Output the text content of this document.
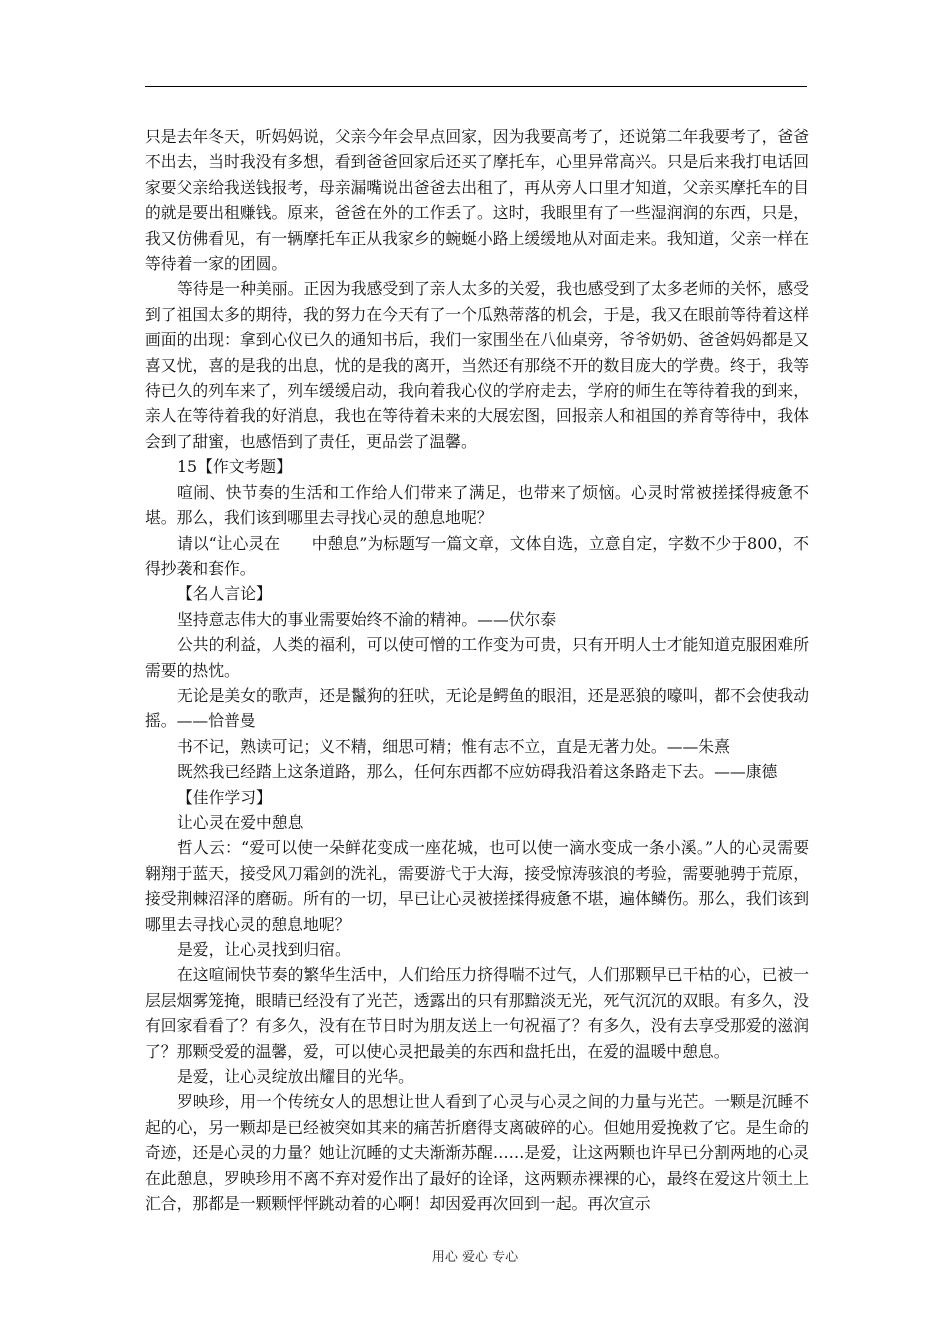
只是去年冬天，听妈妈说，父亲今年会早点回家，因为我要高考了，还说第二年我要考了，爸爸不出去，当时我没有多想，看到爸爸回家后还买了摩托车，心里异常高兴。只是后来我打电话回家要父亲给我送钱报考，母亲漏嘴说出爸爸去出租了，再从旁人口里才知道，父亲买摩托车的目的就是要出租赚钱。原来，爸爸在外的工作丢了。这时，我眼里有了一些湿润润的东西，只是，我又仿佛看见，有一辆摩托车正从我家乡的蜿蜒小路上缓缓地从对面走来。我知道，父亲一样在等待着一家的团圆。

等待是一种美丽。正因为我感受到了亲人太多的关爱，我也感受到了太多老师的关怀，感受到了祖国太多的期待，我的努力在今天有了一个瓜熟蒂落的机会，于是，我又在眼前等待着这样画面的出现：拿到心仪已久的通知书后，我们一家围坐在八仙桌旁，爷爷奶奶、爸爸妈妈都是又喜又忧，喜的是我的出息，忧的是我的离开，当然还有那绕不开的数目庞大的学费。终于，我等待已久的列车来了，列车缓缓启动，我向着我心仪的学府走去，学府的师生在等待着我的到来，亲人在等待着我的好消息，我也在等待着未来的大展宏图，回报亲人和祖国的养育等待中，我体会到了甜蜜，也感悟到了责任，更品尝了温馨。

15【作文考题】

喧闹、快节奏的生活和工作给人们带来了满足，也带来了烦恼。心灵时常被搓揉得疲惫不堪。那么，我们该到哪里去寻找心灵的憩息地呢？

请以“让心灵在　　中憩息”为标题写一篇文章，文体自选，立意自定，字数不少于800，不得抄袭和套作。

【名人言论】

坚持意志伟大的事业需要始终不渝的精神。——伏尔泰

公共的利益，人类的福利，可以使可憎的工作变为可贵，只有开明人士才能知道克服困难所需要的热忱。

无论是美女的歌声，还是鬣狗的狂吠，无论是鳄鱼的眼泪，还是恶狼的嚎叫，都不会使我动摇。——恰普曼

书不记，熟读可记；义不精，细思可精；惟有志不立，直是无著力处。——朱熹

既然我已经踏上这条道路，那么，任何东西都不应妨碍我沿着这条路走下去。——康德

【佳作学习】

让心灵在爱中憩息

哲人云：“爱可以使一朵鲜花变成一座花城，也可以使一滴水变成一条小溪。”人的心灵需要翱翔于蓝天，接受风刀霜剑的洗礼，需要游弋于大海，接受惊涛骇浪的考验，需要驰骋于荒原，接受荆棘沼泽的磨砺。所有的一切，早已让心灵被搓揉得疲惫不堪，遍体鳞伤。那么，我们该到哪里去寻找心灵的憩息地呢？

是爱，让心灵找到归宿。

在这喧闹快节奏的繁华生活中，人们给压力挤得喘不过气，人们那颗早已干枯的心，已被一层层烟雾笼掩，眼睛已经没有了光芒，透露出的只有那黯淡无光，死气沉沉的双眼。有多久，没有回家看看了？有多久，没有在节日时为朋友送上一句祝福了？有多久，没有去享受那爱的滋润了？那颗受爱的温馨，爱，可以使心灵把最美的东西和盘托出，在爱的温暖中憩息。

是爱，让心灵绽放出耀目的光华。

罗映珍，用一个传统女人的思想让世人看到了心灵与心灵之间的力量与光芒。一颗是沉睡不起的心，另一颗却是已经被突如其来的痛苦折磨得支离破碎的心。但她用爱挽救了它。是生命的奇迹，还是心灵的力量？她让沉睡的丈夫渐渐苏醒……是爱，让这两颗也许早已分割两地的心灵在此憩息，罗映珍用不离不弃对爱作出了最好的诠译，这两颗赤裸裸的心，最终在爱这片领土上汇合，那都是一颗颗怦怦跳动着的心啊！却因爱再次回到一起。再次宣示

用心 爱心 专心
